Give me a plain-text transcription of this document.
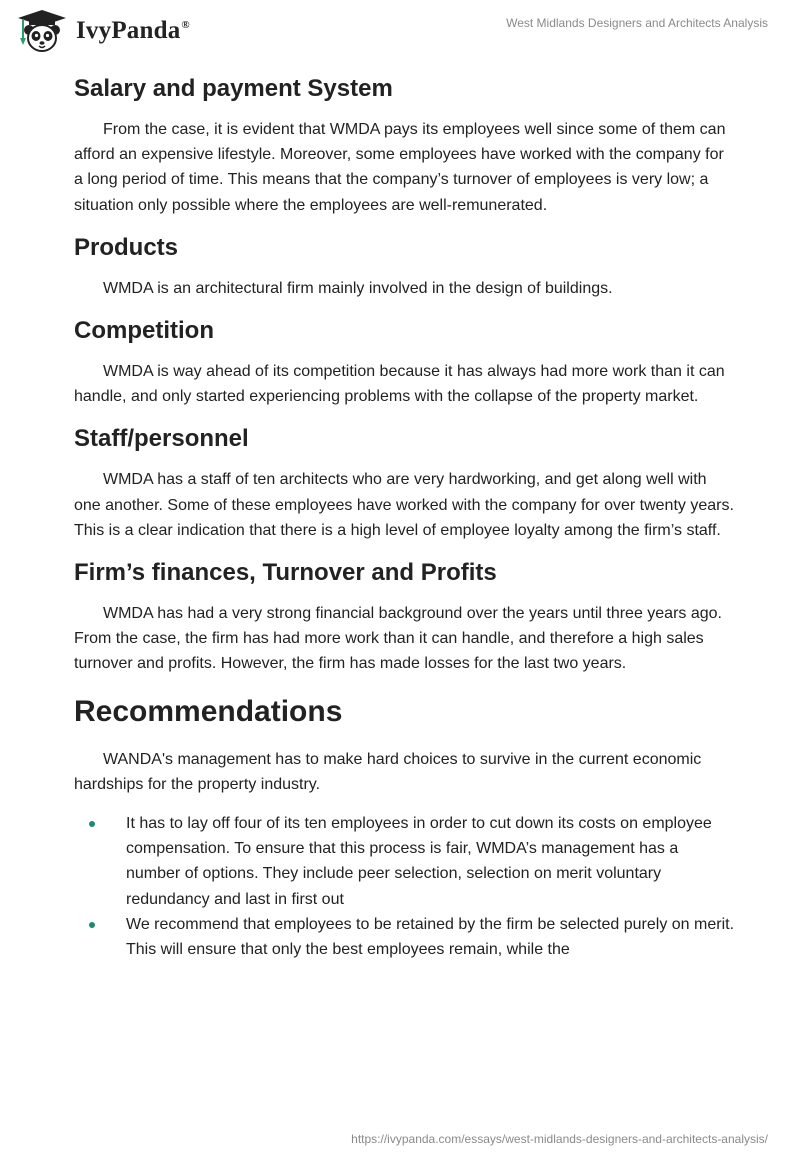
IvyPanda®	West Midlands Designers and Architects Analysis
Salary and payment System

From the case, it is evident that WMDA pays its employees well since some of them can afford an expensive lifestyle. Moreover, some employees have worked with the company for a long period of time. This means that the company’s turnover of employees is very low; a situation only possible where the employees are well-remunerated.

Products

WMDA is an architectural firm mainly involved in the design of buildings.

Competition

WMDA is way ahead of its competition because it has always had more work than it can handle, and only started experiencing problems with the collapse of the property market.

Staff/personnel

WMDA has a staff of ten architects who are very hardworking, and get along well with one another. Some of these employees have worked with the company for over twenty years. This is a clear indication that there is a high level of employee loyalty among the firm’s staff.

Firm’s finances, Turnover and Profits

WMDA has had a very strong financial background over the years until three years ago. From the case, the firm has had more work than it can handle, and therefore a high sales turnover and profits. However, the firm has made losses for the last two years.

Recommendations

WANDA's management has to make hard choices to survive in the current economic hardships for the property industry.

It has to lay off four of its ten employees in order to cut down its costs on employee compensation. To ensure that this process is fair, WMDA’s management has a number of options. They include peer selection, selection on merit voluntary redundancy and last in first out
We recommend that employees to be retained by the firm be selected purely on merit. This will ensure that only the best employees remain, while the
https://ivypanda.com/essays/west-midlands-designers-and-architects-analysis/
